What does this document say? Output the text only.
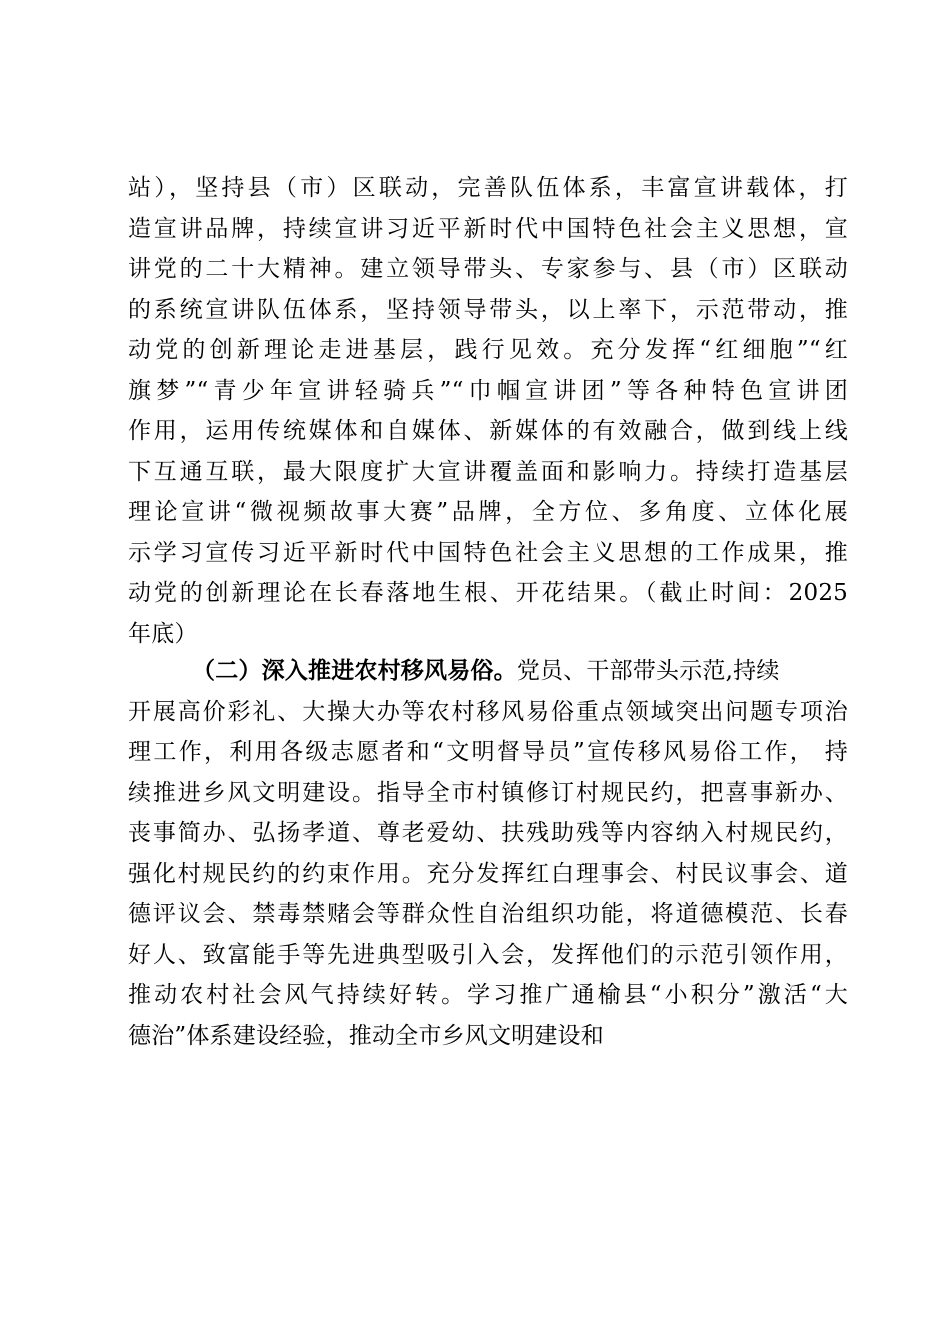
站），坚持县（市）区联动，完善队伍体系，丰富宣讲载体，打
造宣讲品牌，持续宣讲习近平新时代中国特色社会主义思想，宣
讲党的二十大精神。建立领导带头、专家参与、县（市）区联动
的系统宣讲队伍体系，坚持领导带头，以上率下，示范带动，推
动党的创新理论走进基层，践行见效。充分发挥“红细胞”“红
旗梦”“青少年宣讲轻骑兵”“巾帼宣讲团”等各种特色宣讲团
作用，运用传统媒体和自媒体、新媒体的有效融合，做到线上线
下互通互联，最大限度扩大宣讲覆盖面和影响力。持续打造基层
理论宣讲“微视频故事大赛”品牌，全方位、多角度、立体化展
示学习宣传习近平新时代中国特色社会主义思想的工作成果，推
动党的创新理论在长春落地生根、开花结果。（截止时间：2025
年底）
（二）深入推进农村移风易俗。党员、干部带头示范,持续
开展高价彩礼、大操大办等农村移风易俗重点领域突出问题专项治
理工作，利用各级志愿者和“文明督导员”宣传移风易俗工作， 持
续推进乡风文明建设。指导全市村镇修订村规民约，把喜事新办、
丧事简办、弘扬孝道、尊老爱幼、扶残助残等内容纳入村规民约，
强化村规民约的约束作用。充分发挥红白理事会、村民议事会、道
德评议会、禁毒禁赌会等群众性自治组织功能，将道德模范、长春
好人、致富能手等先进典型吸引入会，发挥他们的示范引领作用，
推动农村社会风气持续好转。学习推广通榆县“小积分”激活“大
德治”体系建设经验，推动全市乡风文明建设和
